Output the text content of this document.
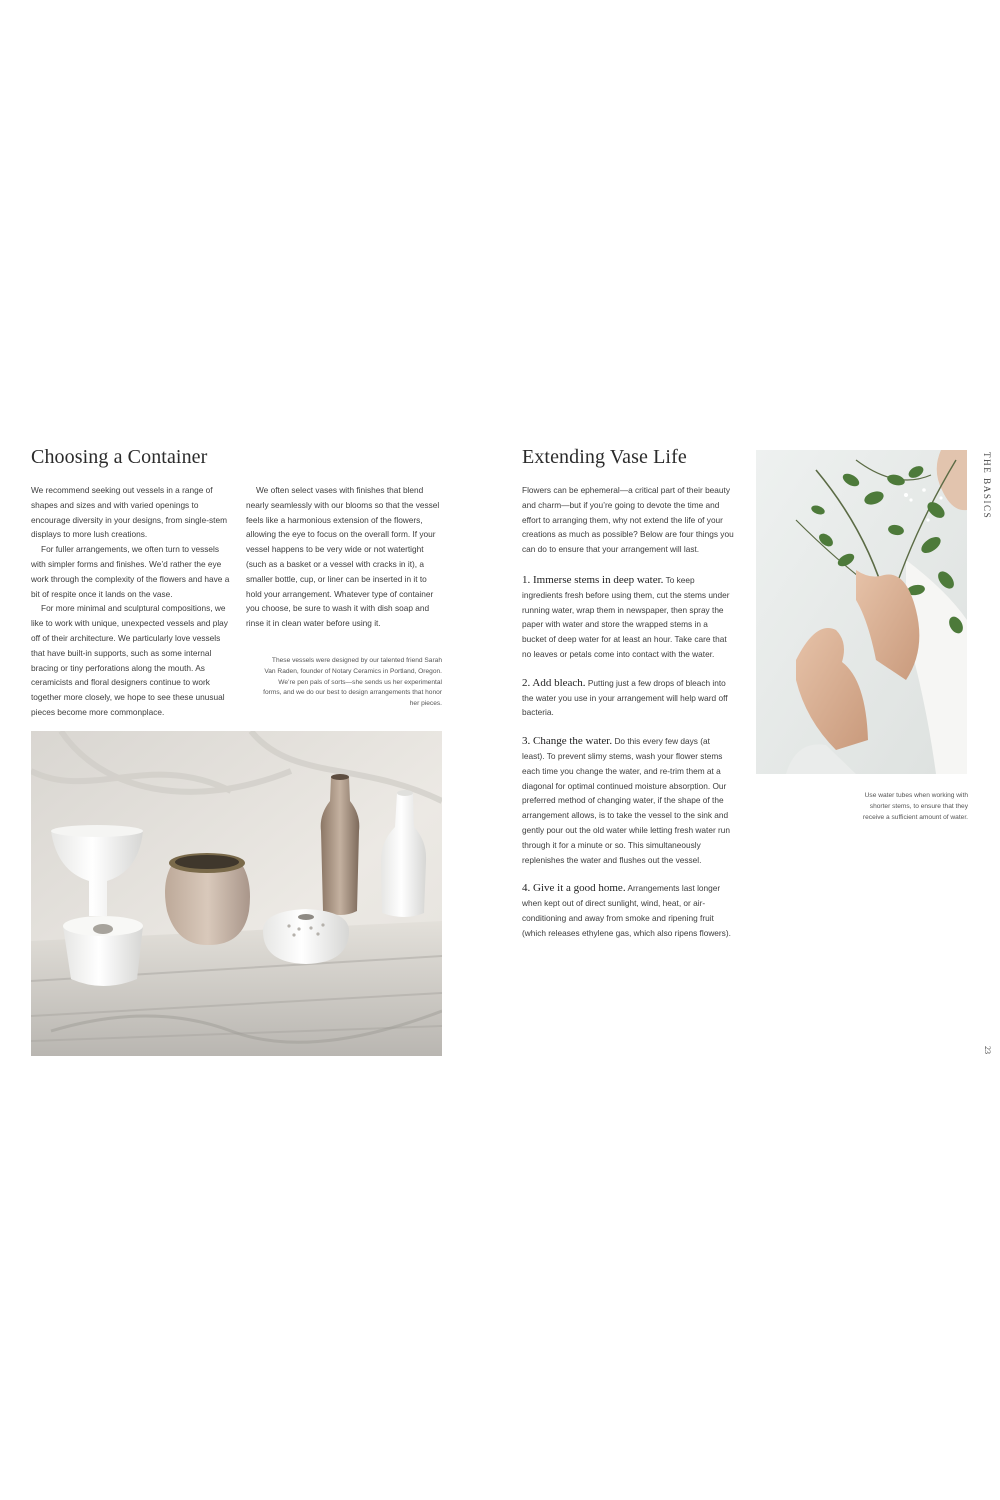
Choosing a Container

We recommend seeking out vessels in a range of shapes and sizes and with varied openings to encourage diversity in your designs, from single-stem displays to more lush creations.

For fuller arrangements, we often turn to vessels with simpler forms and finishes. We’d rather the eye work through the complexity of the flowers and have a bit of respite once it lands on the vase.

For more minimal and sculptural compositions, we like to work with unique, unexpected vessels and play off of their architecture. We particularly love vessels that have built-in supports, such as some internal bracing or tiny perforations along the mouth. As ceramicists and floral designers continue to work together more closely, we hope to see these unusual pieces become more commonplace.

We often select vases with finishes that blend nearly seamlessly with our blooms so that the vessel feels like a harmonious extension of the flowers, allowing the eye to focus on the overall form. If your vessel happens to be very wide or not watertight (such as a basket or a vessel with cracks in it), a smaller bottle, cup, or liner can be inserted in it to hold your arrangement. Whatever type of container you choose, be sure to wash it with dish soap and rinse it in clean water before using it.

These vessels were designed by our talented friend Sarah Van Raden, founder of Notary Ceramics in Portland, Oregon. We’re pen pals of sorts—she sends us her experimental forms, and we do our best to design arrangements that honor her pieces.
Extending Vase Life

Flowers can be ephemeral—a critical part of their beauty and charm—but if you’re going to devote the time and effort to arranging them, why not extend the life of your creations as much as possible? Below are four things you can do to ensure that your arrangement will last.

1. Immerse stems in deep water. To keep ingredients fresh before using them, cut the stems under running water, wrap them in newspaper, then spray the paper with water and store the wrapped stems in a bucket of deep water for at least an hour. Take care that no leaves or petals come into contact with the water.

2. Add bleach. Putting just a few drops of bleach into the water you use in your arrangement will help ward off bacteria.

3. Change the water. Do this every few days (at least). To prevent slimy stems, wash your flower stems each time you change the water, and re-trim them at a diagonal for optimal continued moisture absorption. Our preferred method of changing water, if the shape of the arrangement allows, is to take the vessel to the sink and gently pour out the old water while letting fresh water run through it for a minute or so. This simultaneously replenishes the water and flushes out the vessel.

4. Give it a good home. Arrangements last longer when kept out of direct sunlight, wind, heat, or air-conditioning and away from smoke and ripening fruit (which releases ethylene gas, which also ripens flowers).

Use water tubes when working with shorter stems, to ensure that they receive a sufficient amount of water.
THE BASICS
23
